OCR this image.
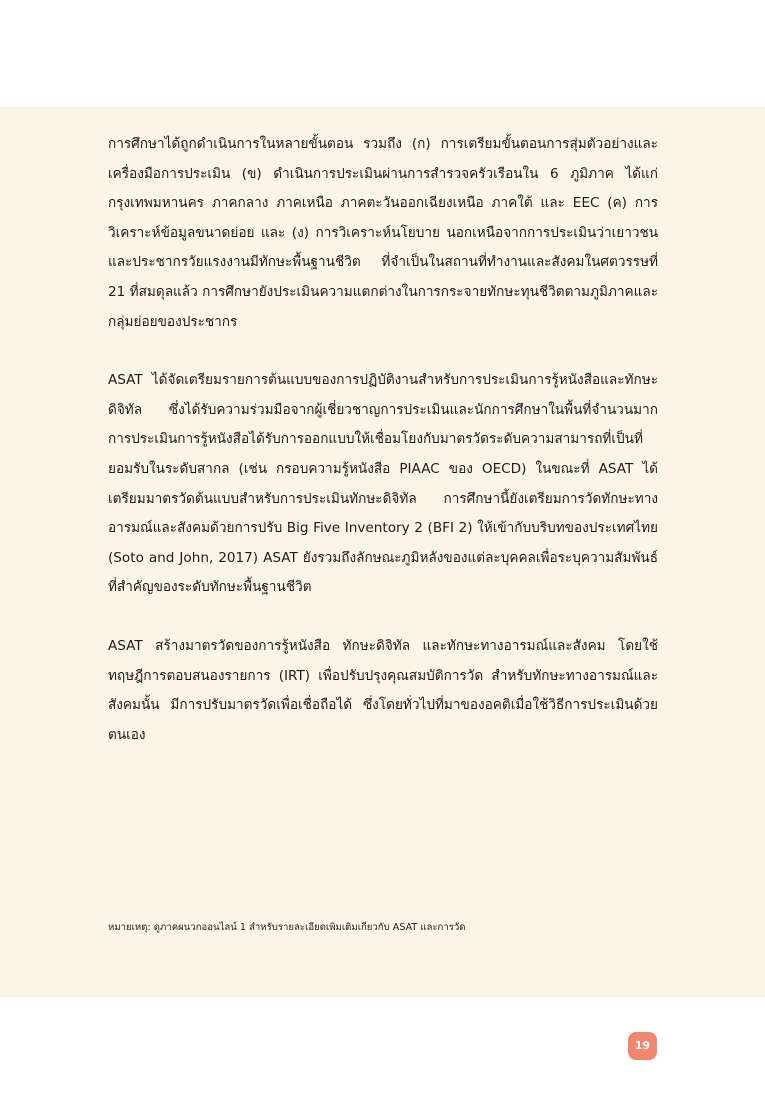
การศึกษาได้ถูกดำเนินการในหลายขั้นตอน รวมถึง (ก) การเตรียมขั้นตอนการสุ่มตัวอย่างและเครื่องมือการประเมิน (ข) ดำเนินการประเมินผ่านการสำรวจครัวเรือนใน 6 ภูมิภาค ได้แก่ กรุงเทพมหานคร ภาคกลาง ภาคเหนือ ภาคตะวันออกเฉียงเหนือ ภาคใต้ และ EEC (ค) การวิเคราะห์ข้อมูลขนาดย่อย และ (ง) การวิเคราะห์นโยบาย นอกเหนือจากการประเมินว่าเยาวชนและประชากรวัยแรงงานมีทักษะพื้นฐานชีวิต ที่จำเป็นในสถานที่ทำงานและสังคมในศตวรรษที่ 21 ที่สมดุลแล้ว การศึกษายังประเมินความแตกต่างในการกระจายทักษะทุนชีวิตตามภูมิภาคและกลุ่มย่อยของประชากร

ASAT ได้จัดเตรียมรายการต้นแบบของการปฏิบัติงานสำหรับการประเมินการรู้หนังสือและทักษะดิจิทัล ซึ่งได้รับความร่วมมือจากผู้เชี่ยวชาญการประเมินและนักการศึกษาในพื้นที่จำนวนมาก การประเมินการรู้หนังสือได้รับการออกแบบให้เชื่อมโยงกับมาตรวัดระดับความสามารถที่เป็นที่ยอมรับในระดับสากล (เช่น กรอบความรู้หนังสือ PIAAC ของ OECD) ในขณะที่ ASAT ได้เตรียมมาตรวัดต้นแบบสำหรับการประเมินทักษะดิจิทัล การศึกษานี้ยังเตรียมการวัดทักษะทางอารมณ์และสังคมด้วยการปรับ Big Five Inventory 2 (BFI 2) ให้เข้ากับบริบทของประเทศไทย (Soto and John, 2017) ASAT ยังรวมถึงลักษณะภูมิหลังของแต่ละบุคคลเพื่อระบุความสัมพันธ์ที่สำคัญของระดับทักษะพื้นฐานชีวิต

ASAT สร้างมาตรวัดของการรู้หนังสือ ทักษะดิจิทัล และทักษะทางอารมณ์และสังคม โดยใช้ทฤษฎีการตอบสนองรายการ (IRT) เพื่อปรับปรุงคุณสมบัติการวัด สำหรับทักษะทางอารมณ์และสังคมนั้น มีการปรับมาตรวัดเพื่อเชื่อถือได้ ซึ่งโดยทั่วไปที่มาของอคติเมื่อใช้วิธีการประเมินด้วยตนเอง

หมายเหตุ: ดูภาคผนวกออนไลน์ 1 สำหรับรายละเอียดเพิ่มเติมเกี่ยวกับ ASAT และการวัด
19
